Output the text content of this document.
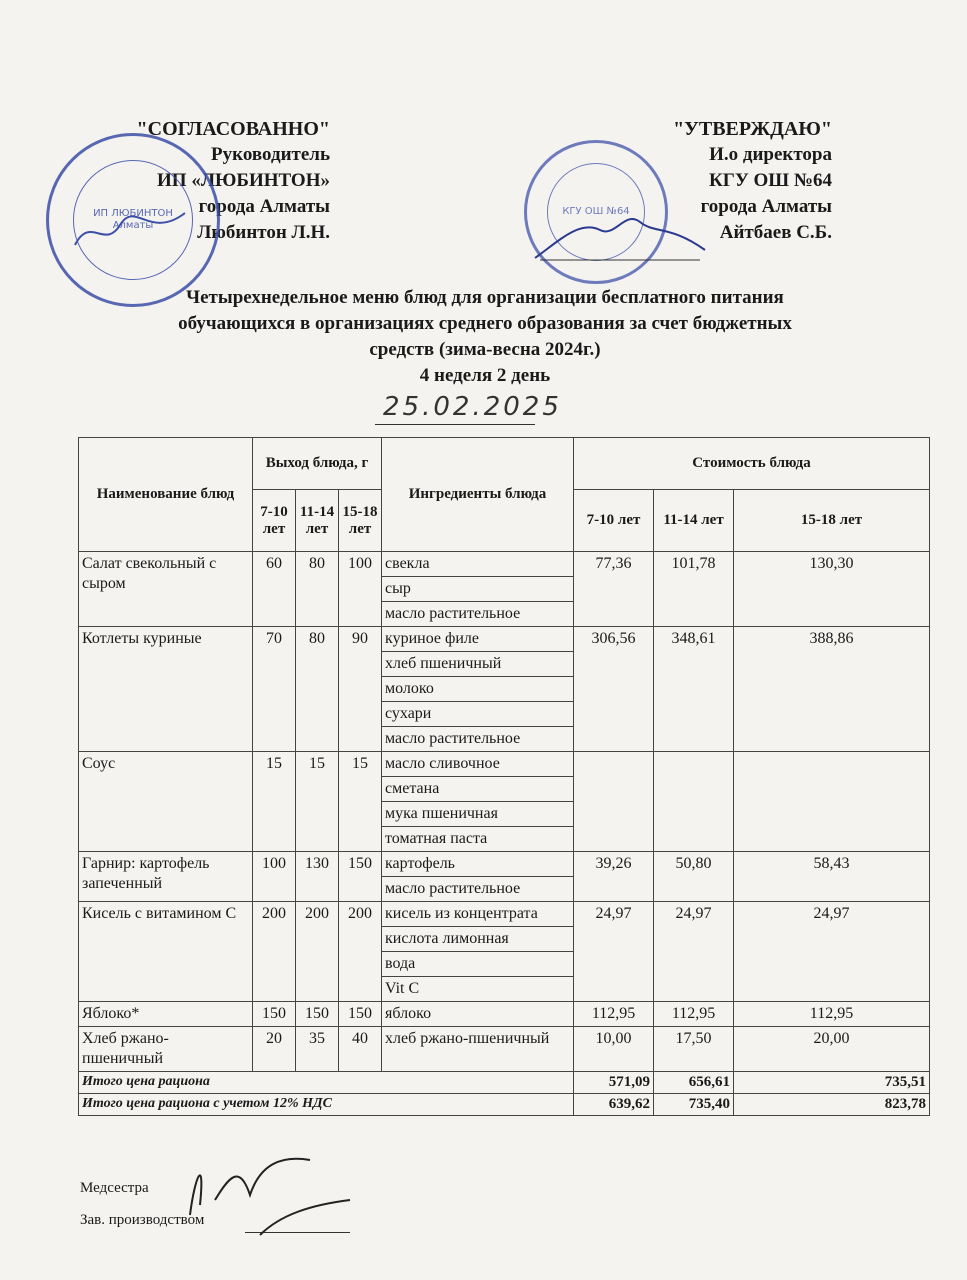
"СОГЛАСОВАННО"
Руководитель
ИП «ЛЮБИНТОН»
города Алматы
Любинтон Л.Н.
"УТВЕРЖДАЮ"
И.о директора
КГУ ОШ №64
города Алматы
Айтбаев С.Б.
ИП ЛЮБИНТОН Алматы
КГУ ОШ №64
Четырехнедельное меню блюд для организации бесплатного питания
обучающихся в организациях среднего образования за счет бюджетных
средств (зима-весна 2024г.)
4 неделя 2 день
25.02.2025
Наименование блюд	Выход блюда, г			Ингредиенты блюда	Стоимость блюда		
	7-10 лет	11-14 лет	15-18 лет		7-10 лет	11-14 лет	15-18 лет
Салат свекольный с сыром	60	80	100	свекла	77,36	101,78	130,30
				сыр			
				масло растительное			
Котлеты куриные	70	80	90	куриное филе	306,56	348,61	388,86
				хлеб пшеничный			
				молоко			
				сухари			
				масло растительное			
Соус	15	15	15	масло сливочное			
				сметана			
				мука пшеничная			
				томатная паста			
Гарнир: картофель запеченный	100	130	150	картофель	39,26	50,80	58,43
				масло растительное			
Кисель с витамином С	200	200	200	кисель из концентрата	24,97	24,97	24,97
				кислота лимонная			
				вода			
				Vit C			
Яблоко*	150	150	150	яблоко	112,95	112,95	112,95
Хлеб ржано-пшеничный	20	35	40	хлеб ржано-пшеничный	10,00	17,50	20,00
Итого цена рациона					571,09	656,61	735,51
Итого цена рациона с учетом 12% НДС					639,62	735,40	823,78
Медсестра
Зав. производством
